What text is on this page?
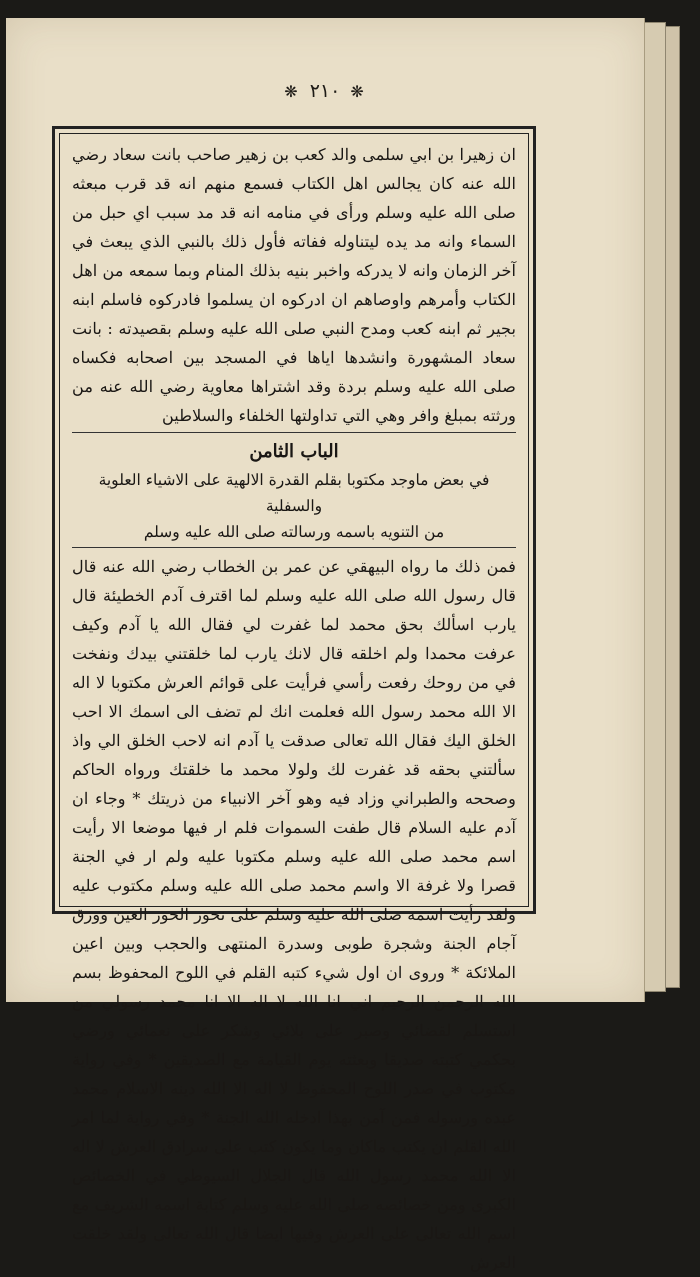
❋ ٢١٠ ❋

ان زهيرا بن ابي سلمى والد كعب بن زهير صاحب بانت سعاد رضي الله عنه كان يجالس اهل الكتاب فسمع منهم انه قد قرب مبعثه صلى الله عليه وسلم ورأى في منامه انه قد مد سبب اي حبل من السماء وانه مد يده ليتناوله ففاته فأول ذلك بالنبي الذي يبعث في آخر الزمان وانه لا يدركه واخبر بنيه بذلك المنام وبما سمعه من اهل الكتاب وأمرهم واوصاهم ان ادركوه ان يسلموا فادركوه فاسلم ابنه بجير ثم ابنه كعب ومدح النبي صلى الله عليه وسلم بقصيدته : بانت سعاد المشهورة وانشدها اياها في المسجد بين اصحابه فكساه صلى الله عليه وسلم بردة وقد اشتراها معاوية رضي الله عنه من ورثته بمبلغ وافر وهي التي تداولتها الخلفاء والسلاطين

الباب الثامن

في بعض ماوجد مكتوبا بقلم القدرة الالهية على الاشياء العلوية والسفلية

من التنويه باسمه ورسالته صلى الله عليه وسلم

فمن ذلك ما رواه البيهقي عن عمر بن الخطاب رضي الله عنه قال قال رسول الله صلى الله عليه وسلم لما اقترف آدم الخطيئة قال يارب اسألك بحق محمد لما غفرت لي فقال الله يا آدم وكيف عرفت محمدا ولم اخلقه قال لانك يارب لما خلقتني بيدك ونفخت في من روحك رفعت رأسي فرأيت على قوائم العرش مكتوبا لا اله الا الله محمد رسول الله فعلمت انك لم تضف الى اسمك الا احب الخلق اليك فقال الله تعالى صدقت يا آدم انه لاحب الخلق الي واذ سألتني بحقه قد غفرت لك ولولا محمد ما خلقتك ورواه الحاكم وصححه والطبراني وزاد فيه وهو آخر الانبياء من ذريتك * وجاء ان آدم عليه السلام قال طفت السموات فلم ار فيها موضعا الا رأيت اسم محمد صلى الله عليه وسلم مكتوبا عليه ولم ار في الجنة قصرا ولا غرفة الا واسم محمد صلى الله عليه وسلم مكتوب عليه ولقد رأيت اسمه صلى الله عليه وسلم على نحور الحور العين وورق آجام الجنة وشجرة طوبى وسدرة المنتهى والحجب وبين اعين الملائكة * وروى ان اول شيء كتبه القلم في اللوح المحفوظ بسم الله الرحمن الرحيم اني انا الله لا اله الا انا محمد رسولي من استسلم لقضائي وصبر على بلائي وشكر على نعمائي ورضي بحكمي كتبته صديقا وبعثته يوم القيامة مع الصديقين * وفي رواية مكتوب في صدر اللوح المحفوظ لا اله الا الله دينه الاسلام محمد عبده ورسوله فمن آمن بهذا ادخله الله الجنة * وفي رواية لما امر الله القلم ان يكتب ماكان وما يكون كتب على سرادق العرش لا اله الا الله محمد رسول الله قال الجلال السيوطي في الخصائص الكبرى ومن خصائصه صلى الله عليه وسلم كتابة اسمه الشريف مع اسم الله تعالى على العرش وفيها ايضا قال الله تعالى ولقد خلقت العرش
